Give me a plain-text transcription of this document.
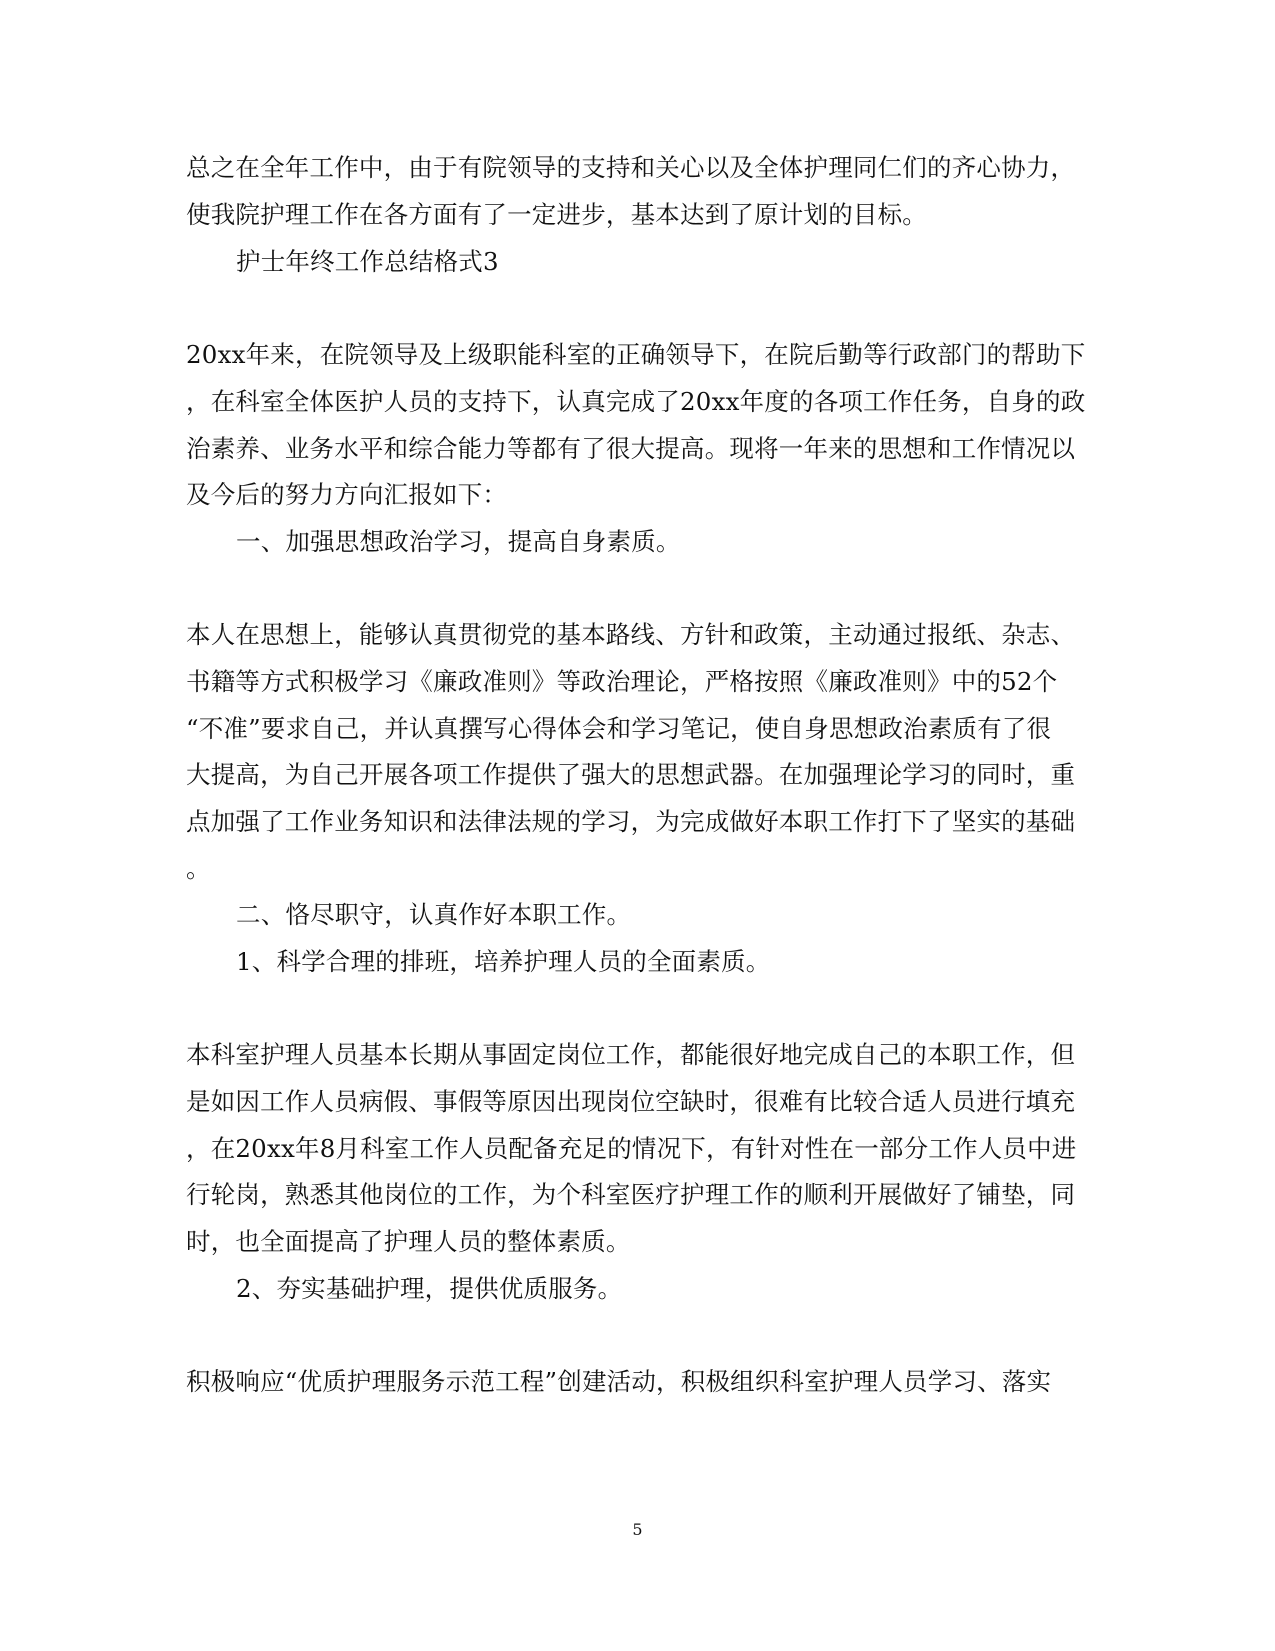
总之在全年工作中，由于有院领导的支持和关心以及全体护理同仁们的齐心协力，
使我院护理工作在各方面有了一定进步，基本达到了原计划的目标。
护士年终工作总结格式3
20xx年来，在院领导及上级职能科室的正确领导下，在院后勤等行政部门的帮助下
，在科室全体医护人员的支持下，认真完成了20xx年度的各项工作任务，自身的政
治素养、业务水平和综合能力等都有了很大提高。现将一年来的思想和工作情况以
及今后的努力方向汇报如下：
一、加强思想政治学习，提高自身素质。
本人在思想上，能够认真贯彻党的基本路线、方针和政策，主动通过报纸、杂志、
书籍等方式积极学习《廉政准则》等政治理论，严格按照《廉政准则》中的52个
“不准”要求自己，并认真撰写心得体会和学习笔记，使自身思想政治素质有了很
大提高，为自己开展各项工作提供了强大的思想武器。在加强理论学习的同时，重
点加强了工作业务知识和法律法规的学习，为完成做好本职工作打下了坚实的基础
。
二、恪尽职守，认真作好本职工作。
1、科学合理的排班，培养护理人员的全面素质。
本科室护理人员基本长期从事固定岗位工作，都能很好地完成自己的本职工作，但
是如因工作人员病假、事假等原因出现岗位空缺时，很难有比较合适人员进行填充
，在20xx年8月科室工作人员配备充足的情况下，有针对性在一部分工作人员中进
行轮岗，熟悉其他岗位的工作，为个科室医疗护理工作的顺利开展做好了铺垫，同
时，也全面提高了护理人员的整体素质。
2、夯实基础护理，提供优质服务。
积极响应“优质护理服务示范工程”创建活动，积极组织科室护理人员学习、落实
5
